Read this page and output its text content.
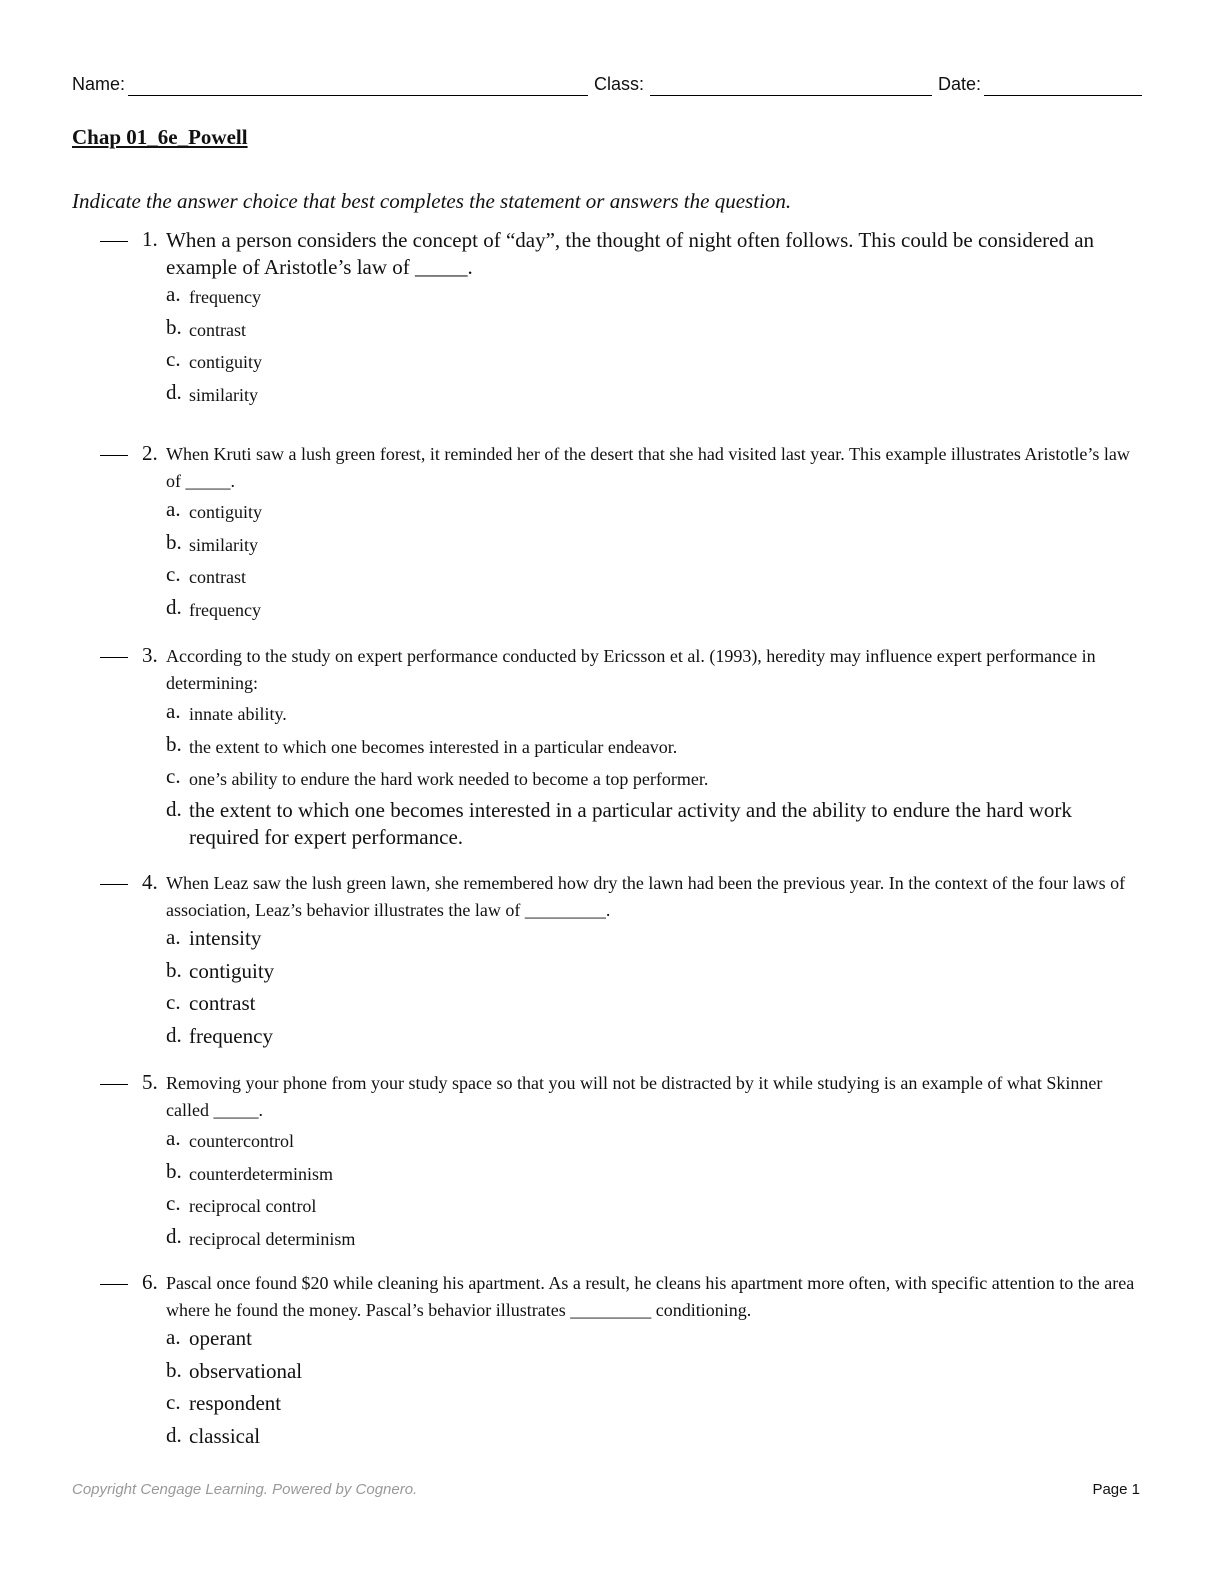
Name:	Class:	Date:
Chap 01_6e_Powell
Indicate the answer choice that best completes the statement or answers the question.
1. When a person considers the concept of “day”, the thought of night often follows. This could be considered an example of Aristotle’s law of _____.
a. frequency
b. contrast
c. contiguity
d. similarity
2. When Kruti saw a lush green forest, it reminded her of the desert that she had visited last year. This example illustrates Aristotle’s law of _____.
a. contiguity
b. similarity
c. contrast
d. frequency
3. According to the study on expert performance conducted by Ericsson et al. (1993), heredity may influence expert performance in determining:
a. innate ability.
b. the extent to which one becomes interested in a particular endeavor.
c. one’s ability to endure the hard work needed to become a top performer.
d. the extent to which one becomes interested in a particular activity and the ability to endure the hard work required for expert performance.
4. When Leaz saw the lush green lawn, she remembered how dry the lawn had been the previous year. In the context of the four laws of association, Leaz’s behavior illustrates the law of _________.
a. intensity
b. contiguity
c. contrast
d. frequency
5. Removing your phone from your study space so that you will not be distracted by it while studying is an example of what Skinner called _____.
a. countercontrol
b. counterdeterminism
c. reciprocal control
d. reciprocal determinism
6. Pascal once found $20 while cleaning his apartment. As a result, he cleans his apartment more often, with specific attention to the area where he found the money. Pascal’s behavior illustrates _________ conditioning.
a. operant
b. observational
c. respondent
d. classical
Copyright Cengage Learning. Powered by Cognero.	Page 1
